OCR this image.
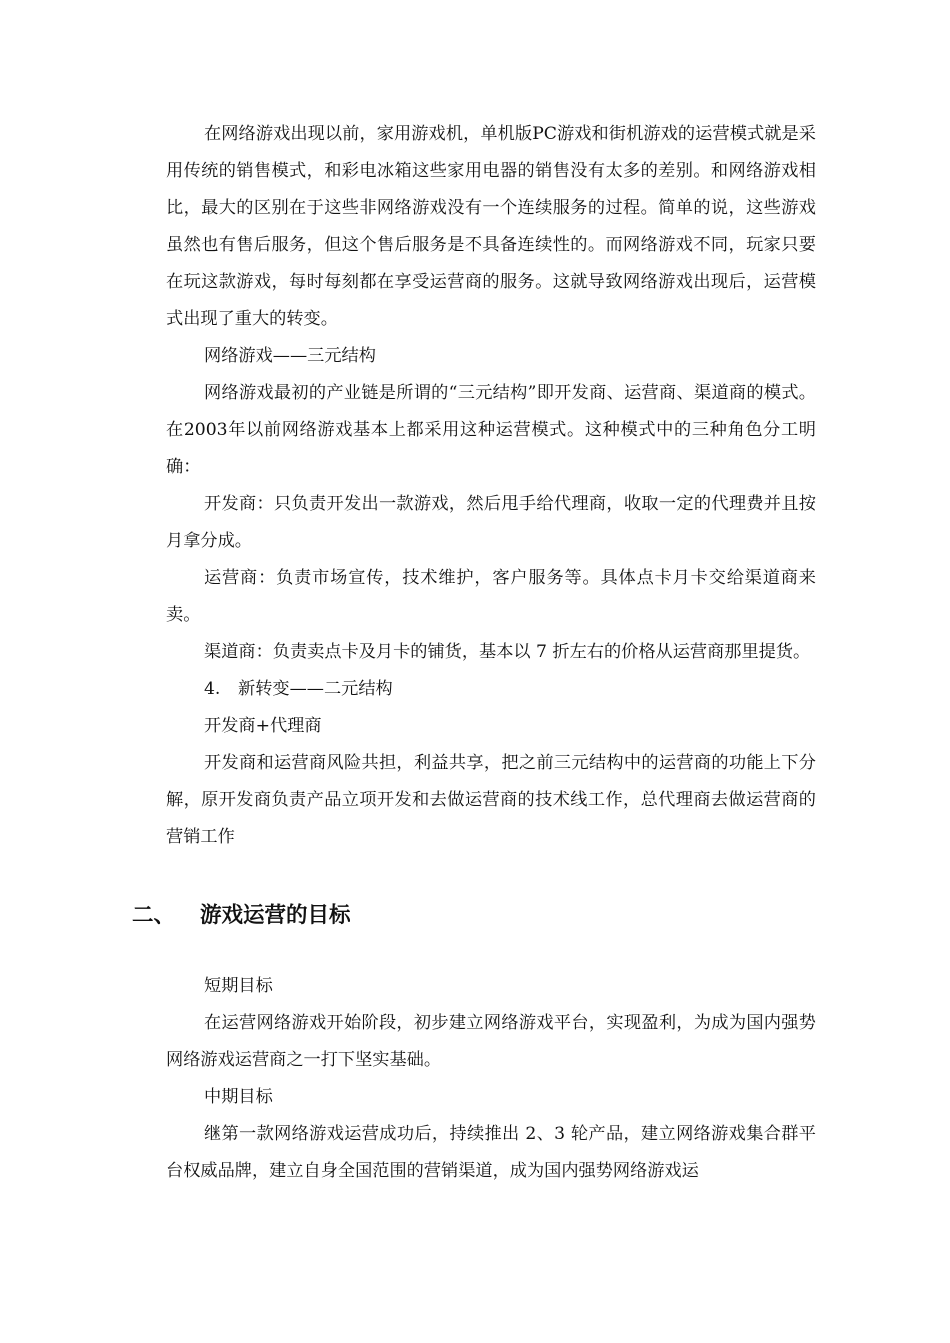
在网络游戏出现以前，家用游戏机，单机版PC游戏和街机游戏的运营模式就是采用传统的销售模式，和彩电冰箱这些家用电器的销售没有太多的差别。和网络游戏相比，最大的区别在于这些非网络游戏没有一个连续服务的过程。简单的说，这些游戏虽然也有售后服务，但这个售后服务是不具备连续性的。而网络游戏不同，玩家只要在玩这款游戏，每时每刻都在享受运营商的服务。这就导致网络游戏出现后，运营模式出现了重大的转变。

网络游戏——三元结构

网络游戏最初的产业链是所谓的“三元结构”即开发商、运营商、渠道商的模式。在2003年以前网络游戏基本上都采用这种运营模式。这种模式中的三种角色分工明确：

开发商：只负责开发出一款游戏，然后甩手给代理商，收取一定的代理费并且按月拿分成。

运营商：负责市场宣传，技术维护，客户服务等。具体点卡月卡交给渠道商来卖。

渠道商：负责卖点卡及月卡的铺货，基本以 7 折左右的价格从运营商那里提货。

4. 新转变——二元结构

开发商+代理商

开发商和运营商风险共担，利益共享，把之前三元结构中的运营商的功能上下分解，原开发商负责产品立项开发和去做运营商的技术线工作，总代理商去做运营商的营销工作

二、 游戏运营的目标

短期目标

在运营网络游戏开始阶段，初步建立网络游戏平台，实现盈利，为成为国内强势网络游戏运营商之一打下坚实基础。

中期目标

继第一款网络游戏运营成功后，持续推出 2、3 轮产品，建立网络游戏集合群平台权威品牌，建立自身全国范围的营销渠道，成为国内强势网络游戏运
